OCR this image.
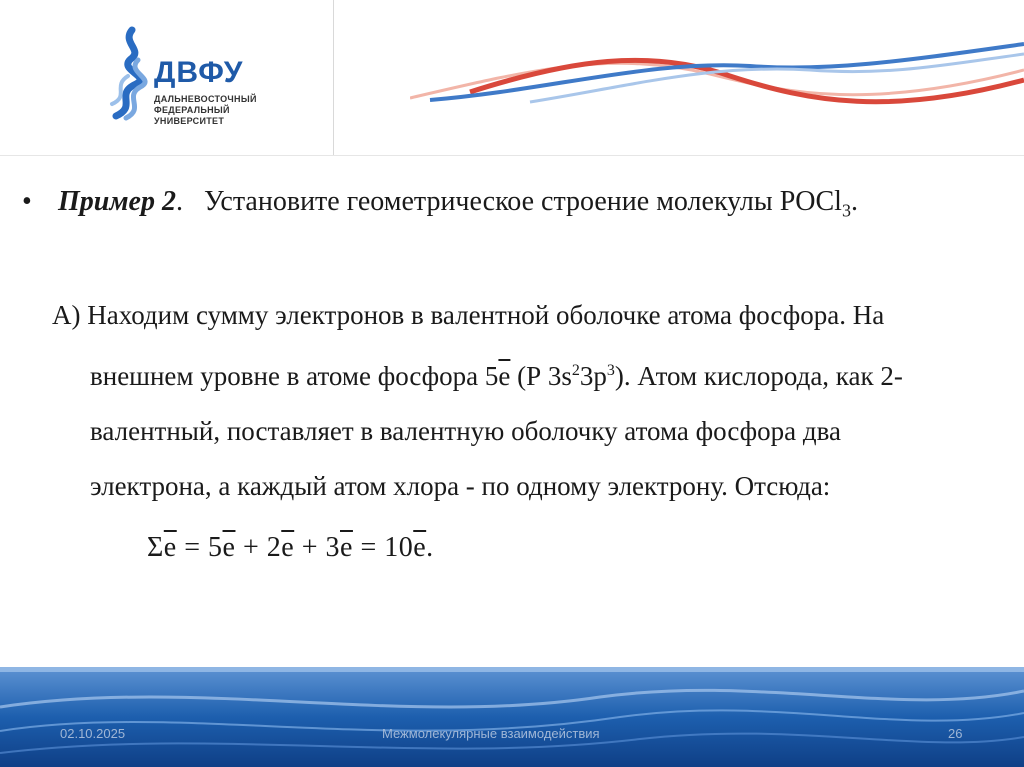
ДВФУ
ДАЛЬНЕВОСТОЧНЫЙ
ФЕДЕРАЛЬНЫЙ
УНИВЕРСИТЕТ
• Пример 2. Установите геометрическое строение молекулы POCl$_3$.
А) Находим сумму электронов в валентной оболочке атома фосфора. На
внешнем уровне в атоме фосфора 5е (Р $3s^23p^3$). Атом кислорода, как 2-
валентный, поставляет в валентную оболочку атома фосфора два
электрона, а каждый атом хлора - по одному электрону. Отсюда:
Σе = 5е + 2е + 3е = 10е.
02.10.2025	Межмолекулярные взаимодействия	26
